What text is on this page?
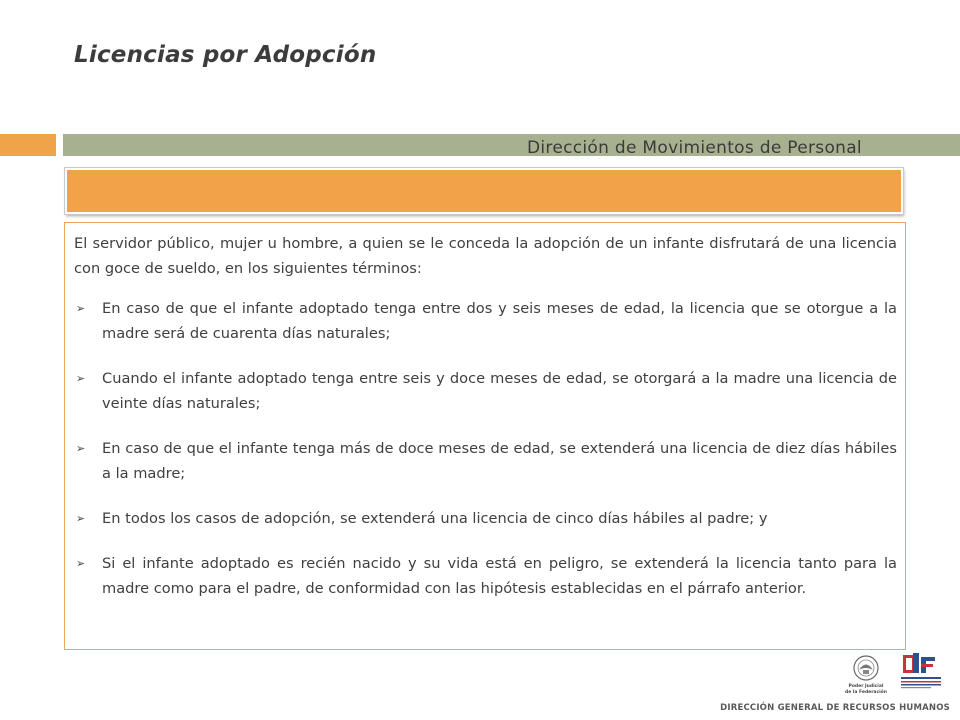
Licencias por Adopción
Dirección de Movimientos de Personal

El servidor público, mujer u hombre, a quien se le conceda la adopción de un infante disfrutará de una licencia con goce de sueldo, en los siguientes términos:

➢ En caso de que el infante adoptado tenga entre dos y seis meses de edad, la licencia que se otorgue a la madre será de cuarenta días naturales;
➢ Cuando el infante adoptado tenga entre seis y doce meses de edad, se otorgará a la madre una licencia de veinte días naturales;
➢ En caso de que el infante tenga más de doce meses de edad, se extenderá una licencia de diez días hábiles a la madre;
➢ En todos los casos de adopción, se extenderá una licencia de cinco días hábiles al padre; y
➢ Si el infante adoptado es recién nacido y su vida está en peligro, se extenderá la licencia tanto para la madre como para el padre, de conformidad con las hipótesis establecidas en el párrafo anterior.
Poder Judicial
de la Federación
DIRECCIÓN GENERAL DE RECURSOS HUMANOS
